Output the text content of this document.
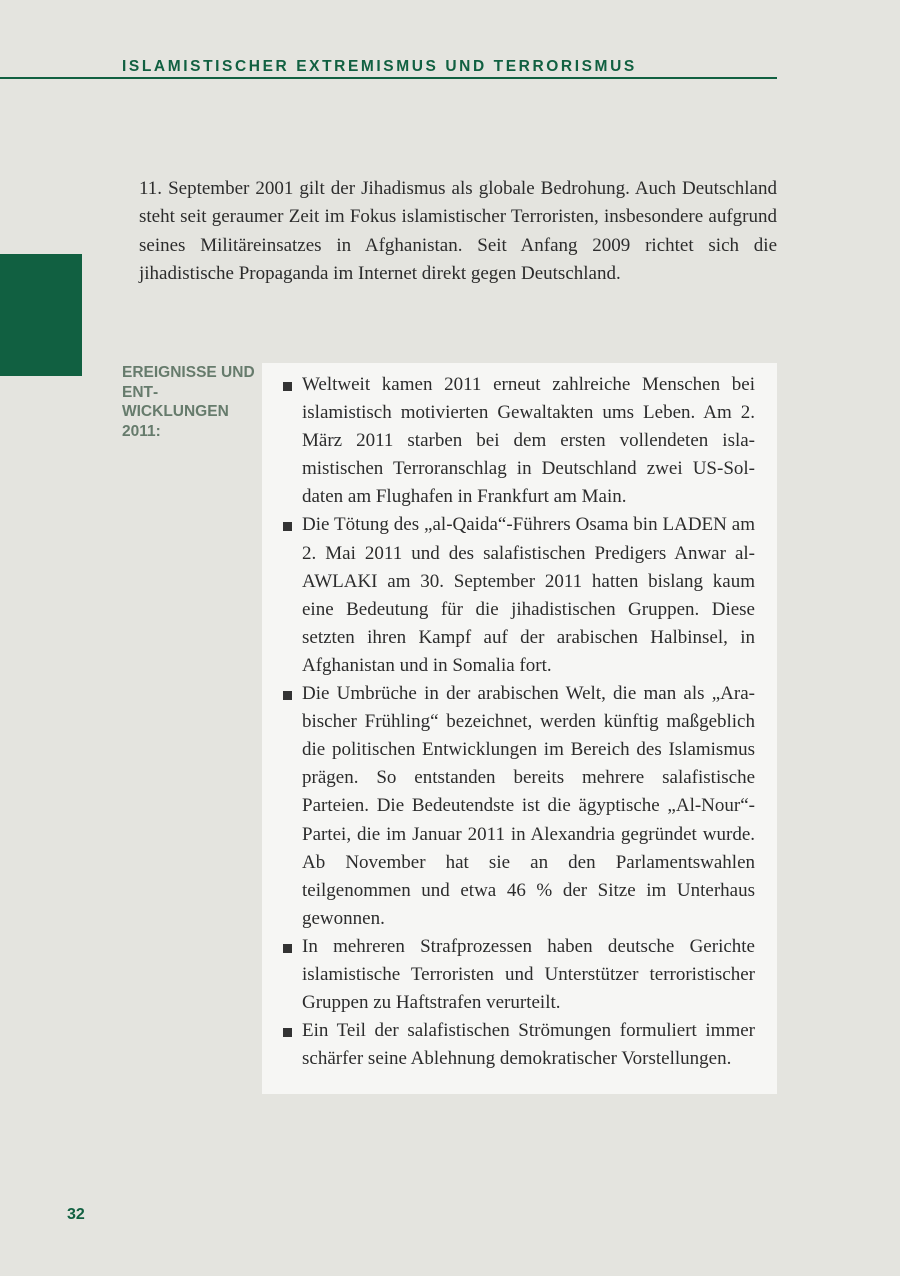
ISLAMISTISCHER EXTREMISMUS UND TERRORISMUS

11. September 2001 gilt der Jihadismus als globale Bedrohung. Auch Deutschland steht seit geraumer Zeit im Fokus islamistischer Terroristen, insbesondere aufgrund seines Militäreinsatzes in Afghanistan. Seit Anfang 2009 richtet sich die jihadistische Propaganda im Internet direkt gegen Deutschland.

EREIGNISSE UND ENTWICKLUNGEN 2011:

Weltweit kamen 2011 erneut zahlreiche Menschen bei islamistisch motivierten Gewaltakten ums Leben. Am 2. März 2011 starben bei dem ersten vollendeten islamistischen Terroranschlag in Deutschland zwei US-Soldaten am Flughafen in Frankfurt am Main.
Die Tötung des „al-Qaida“-Führers Osama bin LADEN am 2. Mai 2011 und des salafistischen Predigers Anwar al-AWLAKI am 30. September 2011 hatten bislang kaum eine Bedeutung für die jihadistischen Gruppen. Diese setzten ihren Kampf auf der arabischen Halbinsel, in Afghanistan und in Somalia fort.
Die Umbrüche in der arabischen Welt, die man als „Arabischer Frühling“ bezeichnet, werden künftig maßgeblich die politischen Entwicklungen im Bereich des Islamismus prägen. So entstanden bereits mehrere salafistische Parteien. Die Bedeutendste ist die ägyptische „Al-Nour“-Partei, die im Januar 2011 in Alexandria gegründet wurde. Ab November hat sie an den Parlamentswahlen teilgenommen und etwa 46 % der Sitze im Unterhaus gewonnen.
In mehreren Strafprozessen haben deutsche Gerichte islamistische Terroristen und Unterstützer terroristischer Gruppen zu Haftstrafen verurteilt.
Ein Teil der salafistischen Strömungen formuliert immer schärfer seine Ablehnung demokratischer Vorstellungen.
32
